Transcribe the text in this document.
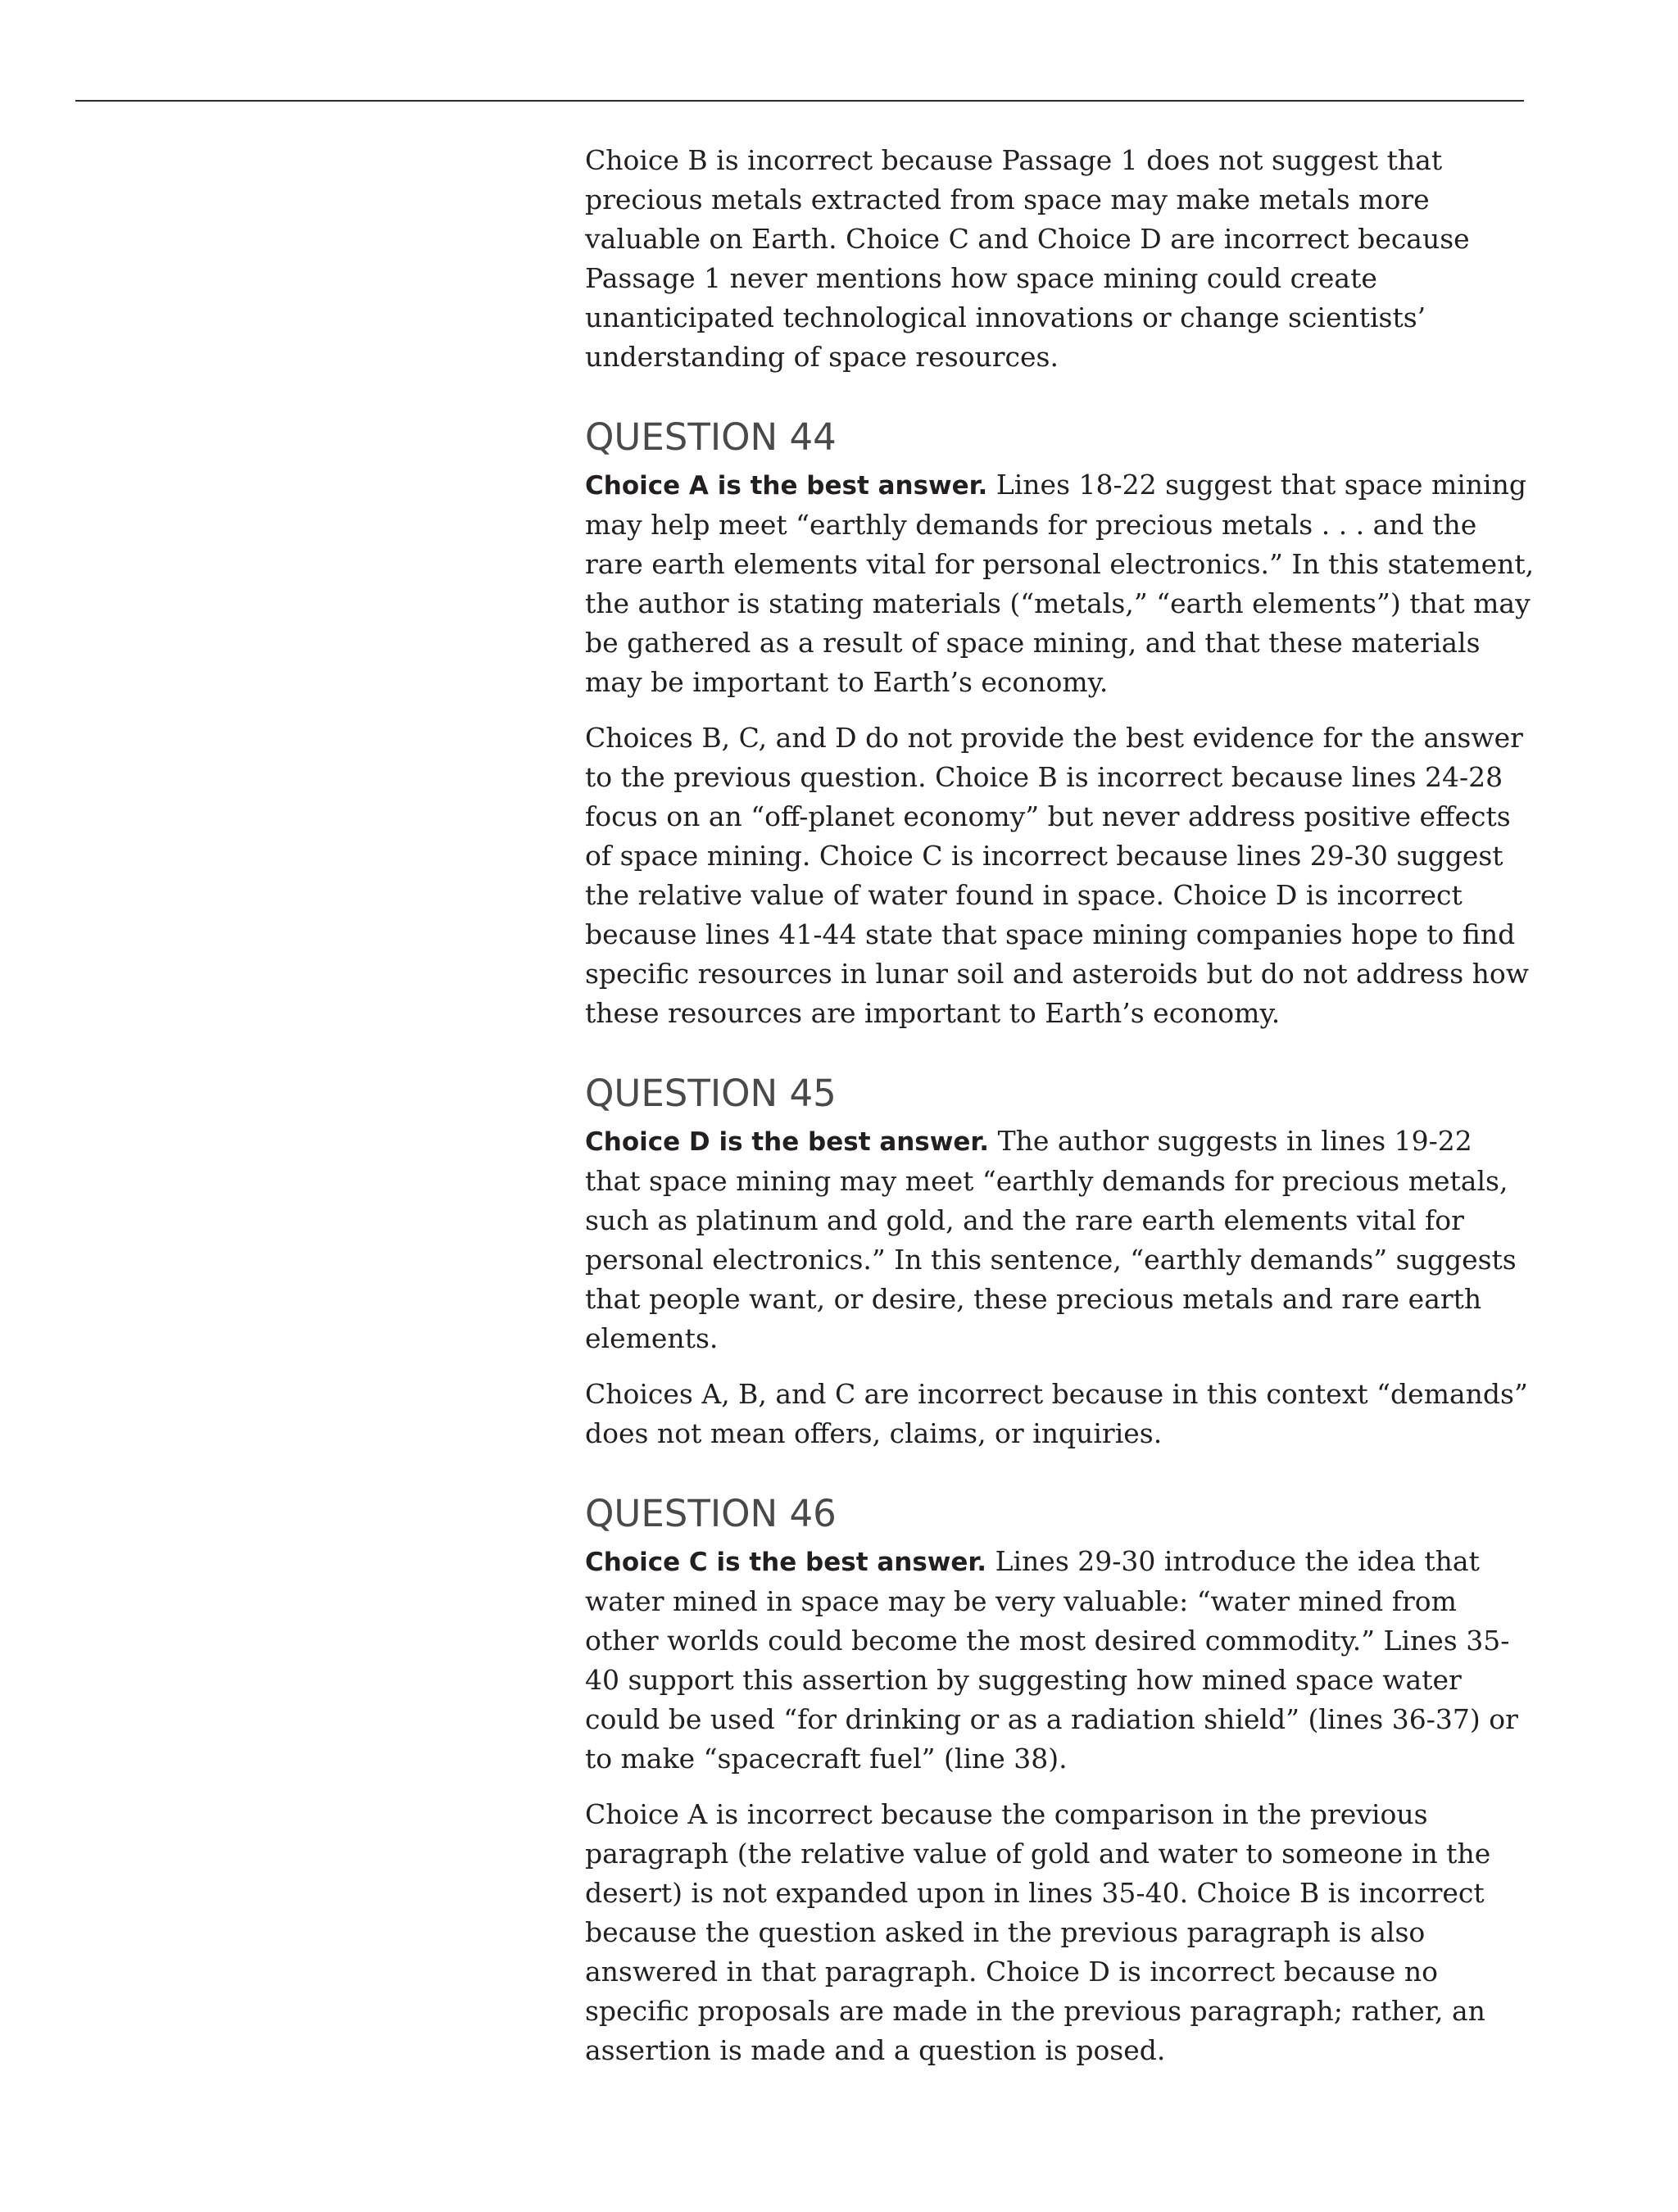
Choice B is incorrect because Passage 1 does not suggest that precious metals extracted from space may make metals more valuable on Earth. Choice C and Choice D are incorrect because Passage 1 never mentions how space mining could create unanticipated technological innovations or change scientists’ understanding of space resources.

QUESTION 44

Choice A is the best answer. Lines 18-22 suggest that space mining may help meet “earthly demands for precious metals . . . and the rare earth elements vital for personal electronics.” In this statement, the author is stating materials (“metals,” “earth elements”) that may be gathered as a result of space mining, and that these materials may be important to Earth’s economy.

Choices B, C, and D do not provide the best evidence for the answer to the previous question. Choice B is incorrect because lines 24-28 focus on an “off-planet economy” but never address positive effects of space mining. Choice C is incorrect because lines 29-30 suggest the relative value of water found in space. Choice D is incorrect because lines 41-44 state that space mining companies hope to find specific resources in lunar soil and asteroids but do not address how these resources are important to Earth’s economy.

QUESTION 45

Choice D is the best answer. The author suggests in lines 19-22 that space mining may meet “earthly demands for precious metals, such as platinum and gold, and the rare earth elements vital for personal electronics.” In this sentence, “earthly demands” suggests that people want, or desire, these precious metals and rare earth elements.

Choices A, B, and C are incorrect because in this context “demands” does not mean offers, claims, or inquiries.

QUESTION 46

Choice C is the best answer. Lines 29-30 introduce the idea that water mined in space may be very valuable: “water mined from other worlds could become the most desired commodity.” Lines 35-40 support this assertion by suggesting how mined space water could be used “for drinking or as a radiation shield” (lines 36-37) or to make “spacecraft fuel” (line 38).

Choice A is incorrect because the comparison in the previous paragraph (the relative value of gold and water to someone in the desert) is not expanded upon in lines 35-40. Choice B is incorrect because the question asked in the previous paragraph is also answered in that paragraph. Choice D is incorrect because no specific proposals are made in the previous paragraph; rather, an assertion is made and a question is posed.
